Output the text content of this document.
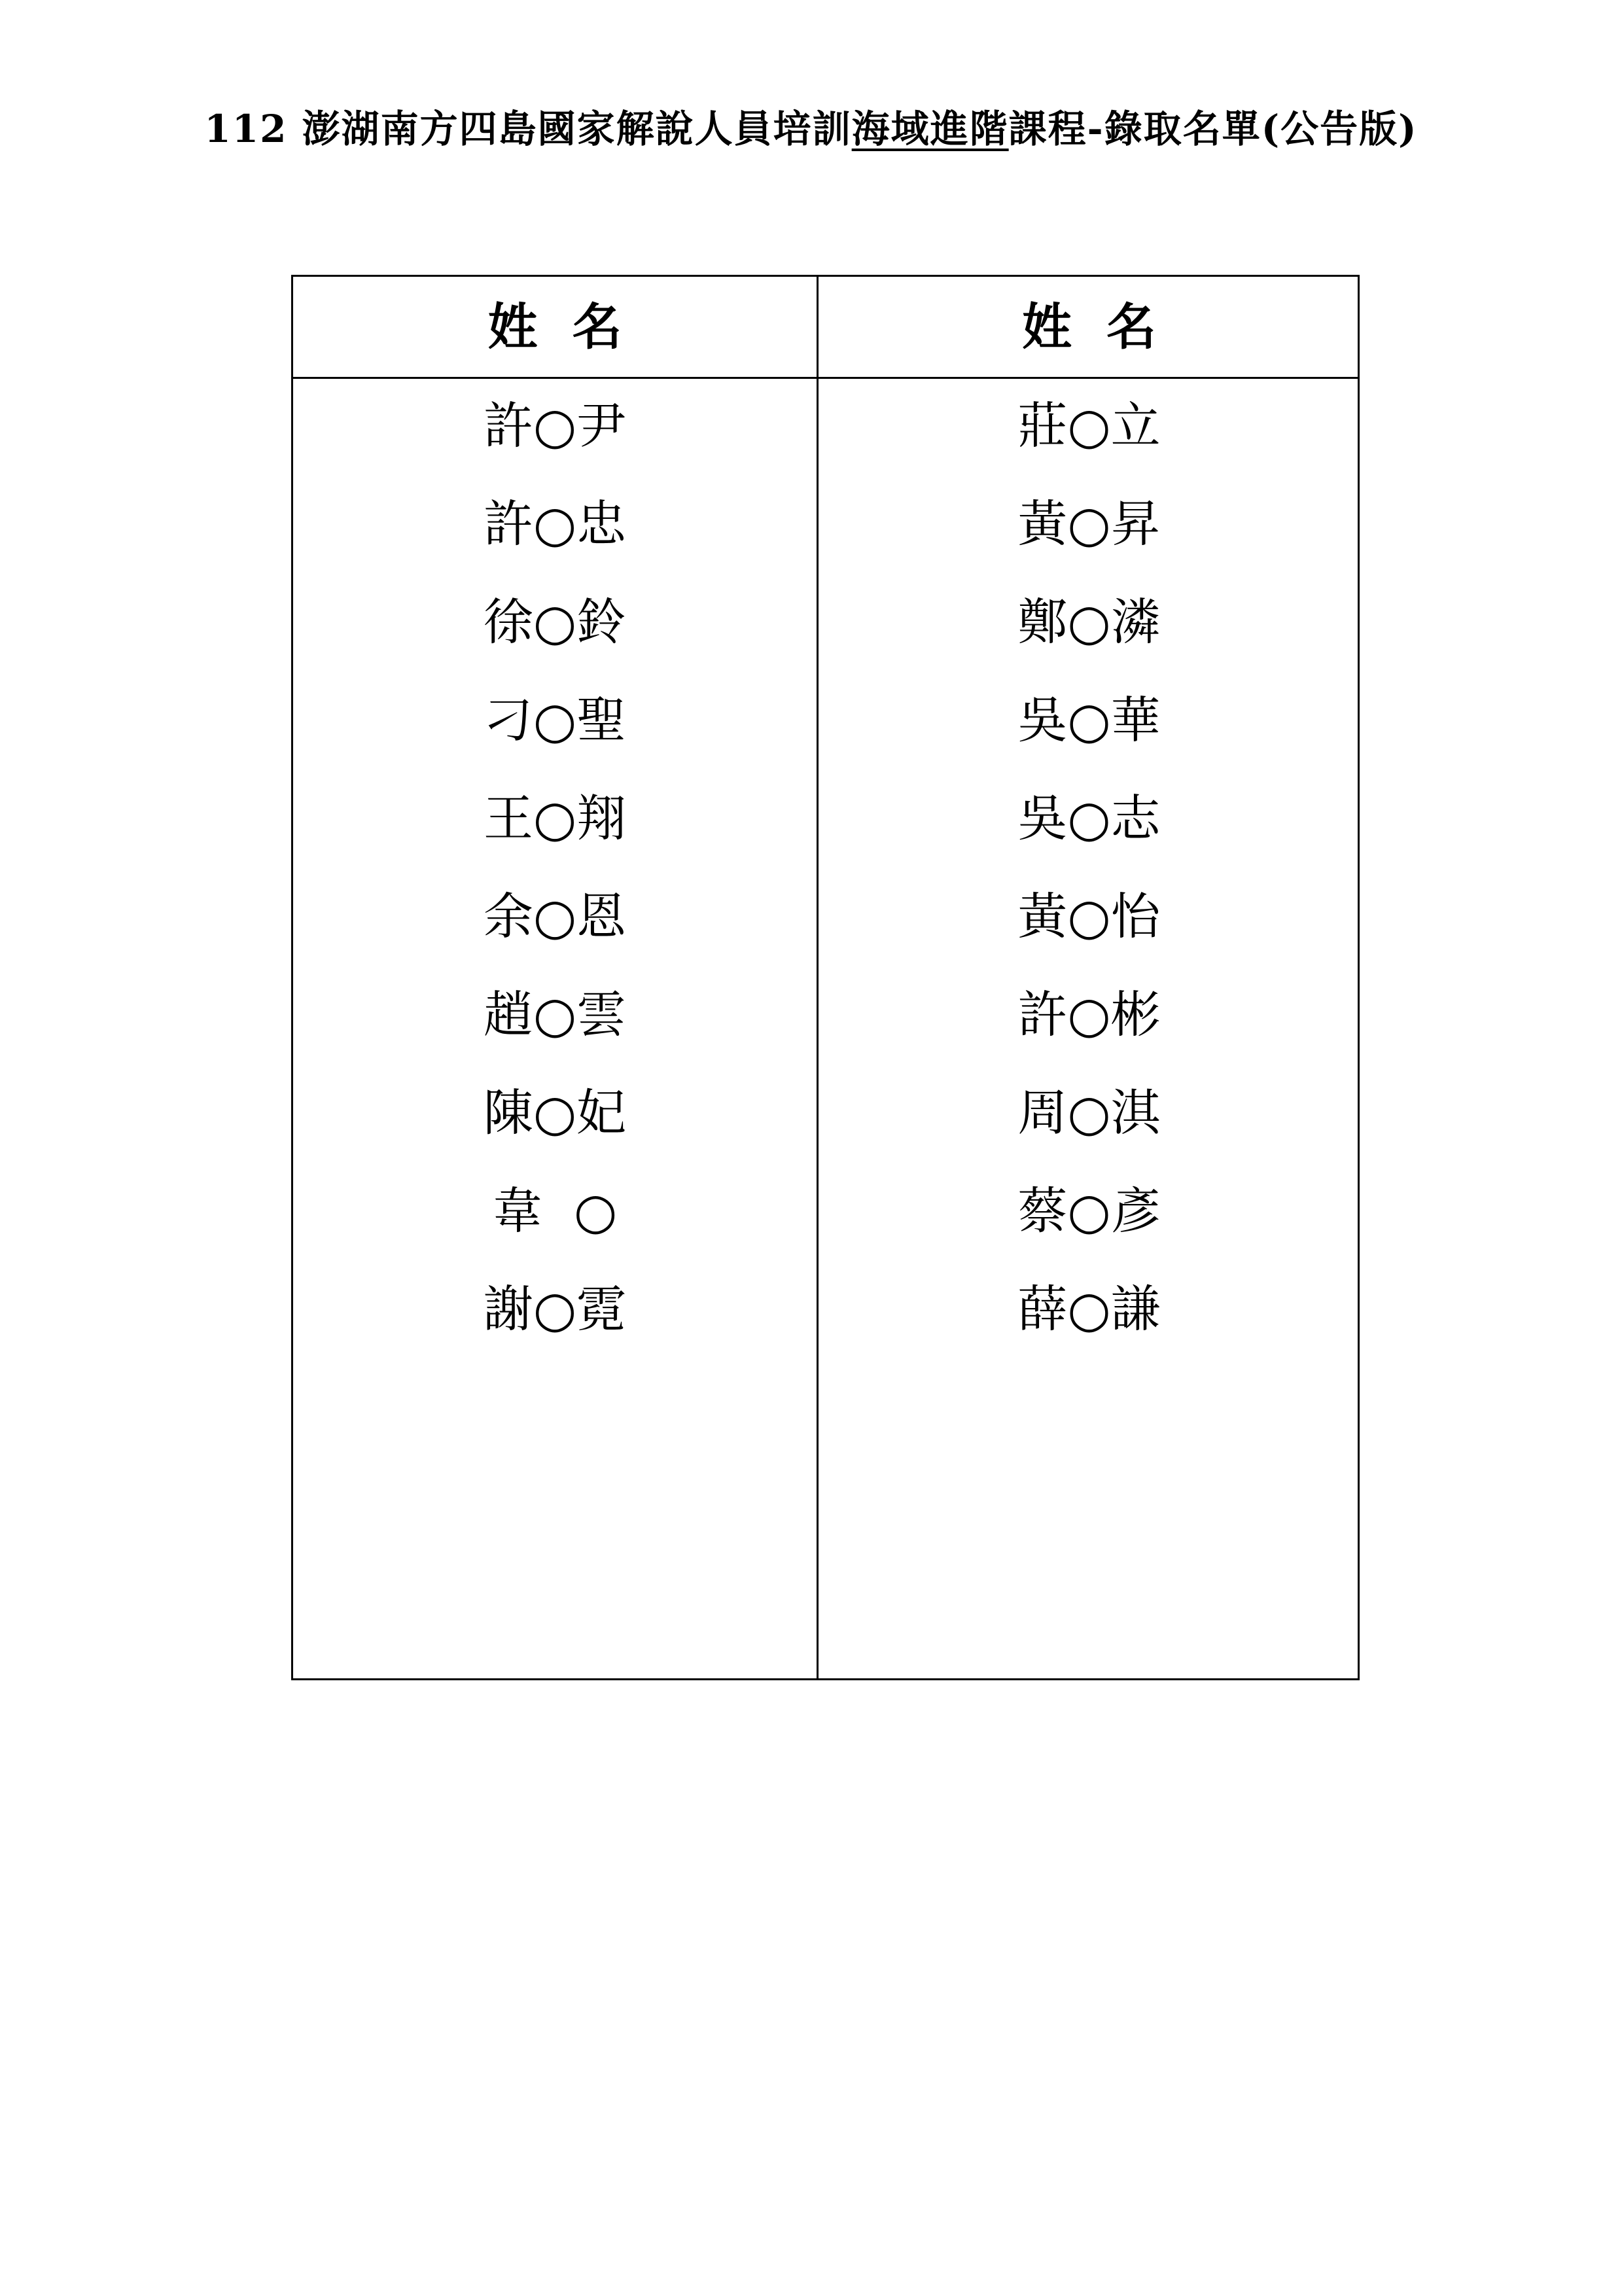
112 澎湖南方四島國家解說人員培訓海域進階課程-錄取名單(公告版)
姓  名	姓  名
許○尹
許○忠
徐○鈴
刁○聖
王○翔
余○恩
趙○雲
陳○妃
韋  ○
謝○霓
莊○立
黃○昇
鄭○潾
吳○華
吳○志
黃○怡
許○彬
周○淇
蔡○彥
薛○謙
